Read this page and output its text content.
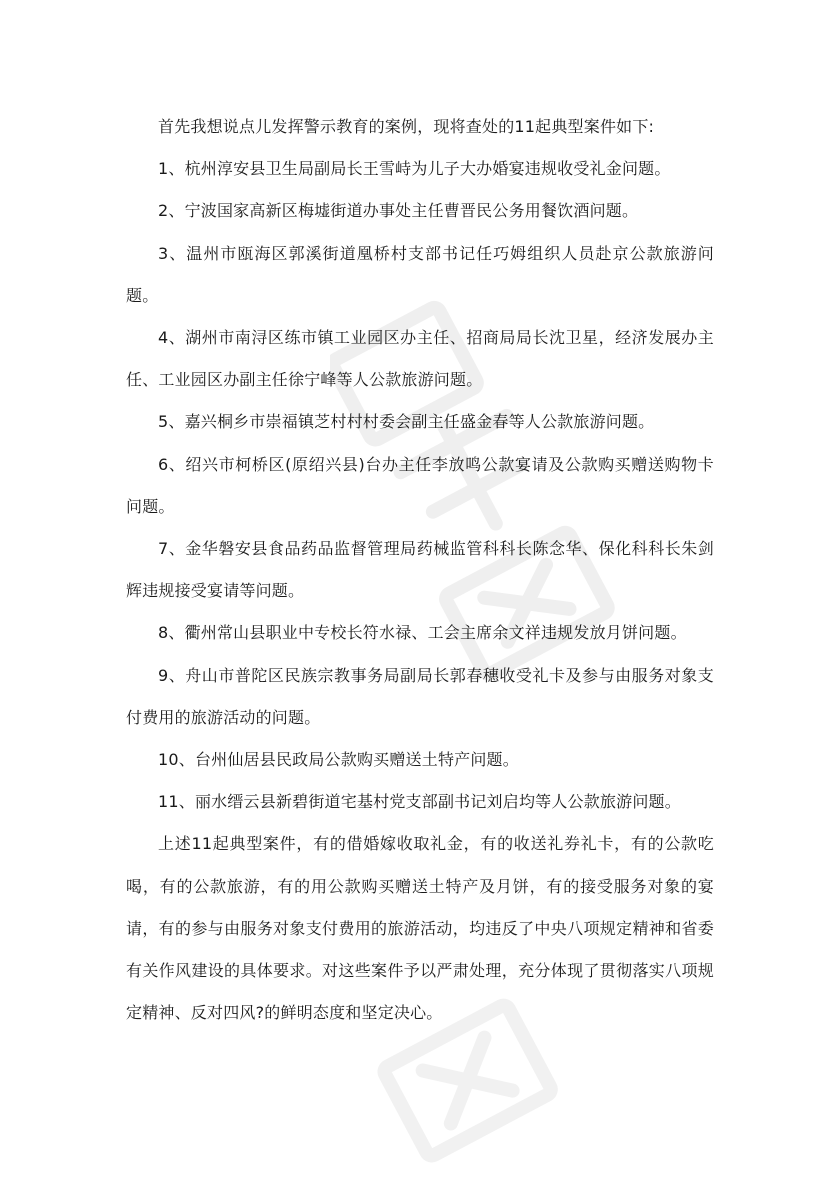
首先我想说点儿发挥警示教育的案例，现将查处的11起典型案件如下:

1、杭州淳安县卫生局副局长王雪峙为儿子大办婚宴违规收受礼金问题。

2、宁波国家高新区梅墟街道办事处主任曹晋民公务用餐饮酒问题。

3、温州市瓯海区郭溪街道凰桥村支部书记任巧姆组织人员赴京公款旅游问题。

4、湖州市南浔区练市镇工业园区办主任、招商局局长沈卫星，经济发展办主任、工业园区办副主任徐宁峰等人公款旅游问题。

5、嘉兴桐乡市崇福镇芝村村村委会副主任盛金春等人公款旅游问题。

6、绍兴市柯桥区(原绍兴县)台办主任李放鸣公款宴请及公款购买赠送购物卡问题。

7、金华磐安县食品药品监督管理局药械监管科科长陈念华、保化科科长朱剑辉违规接受宴请等问题。

8、衢州常山县职业中专校长符水禄、工会主席余文祥违规发放月饼问题。

9、舟山市普陀区民族宗教事务局副局长郭春穗收受礼卡及参与由服务对象支付费用的旅游活动的问题。

10、台州仙居县民政局公款购买赠送土特产问题。

11、丽水缙云县新碧街道宅基村党支部副书记刘启均等人公款旅游问题。

上述11起典型案件，有的借婚嫁收取礼金，有的收送礼券礼卡，有的公款吃喝，有的公款旅游，有的用公款购买赠送土特产及月饼，有的接受服务对象的宴请，有的参与由服务对象支付费用的旅游活动，均违反了中央八项规定精神和省委有关作风建设的具体要求。对这些案件予以严肃处理，充分体现了贯彻落实八项规定精神、反对四风?的鲜明态度和坚定决心。
